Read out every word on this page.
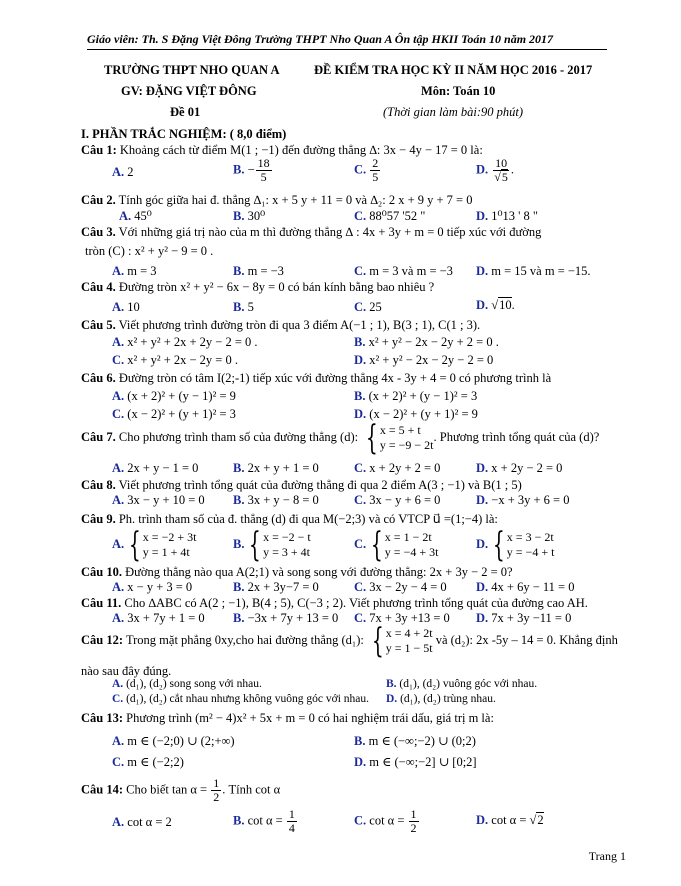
Giáo viên: Th. S Đặng Việt Đông Trường THPT Nho Quan A Ôn tập HKII Toán 10 năm 2017
TRƯỜNG THPT NHO QUAN A	ĐỀ KIỂM TRA HỌC KỲ II NĂM HỌC 2016 - 2017
GV: ĐẶNG VIỆT ĐÔNG	Môn: Toán 10
Đề 01	(Thời gian làm bài:90 phút)
I. PHẦN TRẮC NGHIỆM: ( 8,0 điểm)
Câu 1: Khoảng cách từ điểm M(1 ; −1) đến đường thẳng ∆: 3x − 4y − 17 = 0 là:
A. 2	B. − $\frac{18}{5}$	C. $\frac{2}{5}$	D. $\frac{10}{√5}$ .
Câu 2. Tính góc giữa hai đ. thẳng ∆₁: x + 5 y + 11 = 0 và ∆₂: 2 x + 9 y + 7 = 0
A. 45⁰	B. 30⁰	C. 88⁰57 '52 "	D. 1⁰13 ' 8 "
Câu 3. Với những giá trị nào của m thì đường thẳng ∆ : 4x + 3y + m = 0 tiếp xúc với đường
tròn (C) : x² + y² − 9 = 0 .
A. m = 3	B. m = −3	C. m = 3 và m = −3 D. m = 15 và m = −15.
Câu 4. Đường tròn x² + y² − 6x − 8y = 0 có bán kính bằng bao nhiêu ?
A. 10	B. 5	C. 25	D. √10.
Câu 5. Viết phương trình đường tròn đi qua 3 điểm A(−1 ; 1), B(3 ; 1), C(1 ; 3).
A. x² + y² + 2x + 2y − 2 = 0 .	B. x² + y² − 2x − 2y + 2 = 0 .
C. x² + y² + 2x − 2y = 0 .	D. x² + y² − 2x − 2y − 2 = 0
Câu 6. Đường tròn có tâm I(2;-1) tiếp xúc với đường thẳng 4x - 3y + 4 = 0 có phương trình là
A. (x + 2)² + (y − 1)² = 9	B. (x + 2)² + (y − 1)² = 3
C. (x − 2)² + (y + 1)² = 3	D. (x − 2)² + (y + 1)² = 9
Câu 7. Cho phương trình tham số của đường thẳng (d): { x = 5 + t
y = −9 − 2t
. Phương trình tổng quát của (d)?
A. 2x + y − 1 = 0	B. 2x + y + 1 = 0	C. x + 2y + 2 = 0	D. x + 2y − 2 = 0
Câu 8. Viết phương trình tổng quát của đường thẳng đi qua 2 điểm A(3 ; −1) và B(1 ; 5)
A. 3x − y + 10 = 0 B. 3x + y − 8 = 0	C. 3x − y + 6 = 0	D. −x + 3y + 6 = 0
Câu 9. Ph. trình tham số của đ. thẳng (d) đi qua M(−2;3) và có VTCP u⃗ =(1;−4) là:
A. { x = −2 + 3t
y = 1 + 4t
B. { x = −2 − t
y = 3 + 4t
C. { x = 1 − 2t
y = −4 + 3t
D. { x = 3 − 2t
y = −4 + t
Câu 10. Đường thẳng nào qua A(2;1) và song song với đường thẳng: 2x + 3y − 2 = 0?
A. x − y + 3 = 0	B. 2x + 3y−7 = 0	C. 3x − 2y − 4 = 0 D. 4x + 6y − 11 = 0
Câu 11. Cho ∆ABC có A(2 ; −1), B(4 ; 5), C(−3 ; 2). Viết phương trình tổng quát của đường cao AH.
A. 3x + 7y + 1 = 0 B. −3x + 7y + 13 = 0 C. 7x + 3y +13 = 0 D. 7x + 3y −11 = 0
Câu 12: Trong mặt phẳng 0xy,cho hai đường thẳng (d₁): { x = 4 + 2t
y = 1 − 5t
và (d₂): 2x -5y – 14 = 0. Khẳng định
nào sau đây đúng.
A. (d₁), (d₂) song song với nhau.	B. (d₁), (d₂) vuông góc với nhau.
C. (d₁), (d₂) cắt nhau nhưng không vuông góc với nhau. D. (d₁), (d₂) trùng nhau.
Câu 13: Phương trình (m² − 4)x² + 5x + m = 0 có hai nghiệm trái dấu, giá trị m là:
A. m ∈ (−2;0) ∪ (2;+∞)	B. m ∈ (−∞;−2) ∪ (0;2)
C. m ∈ (−2;2)	D. m ∈ (−∞;−2] ∪ [0;2]
Câu 14: Cho biết $\tan \alpha = \frac{1}{2}$ . Tính cot α
A. cot α = 2	B. $\cot \alpha = \frac{1}{4}$	C. $\cot \alpha = \frac{1}{2}$	D. cot α = √2
Trang 1
